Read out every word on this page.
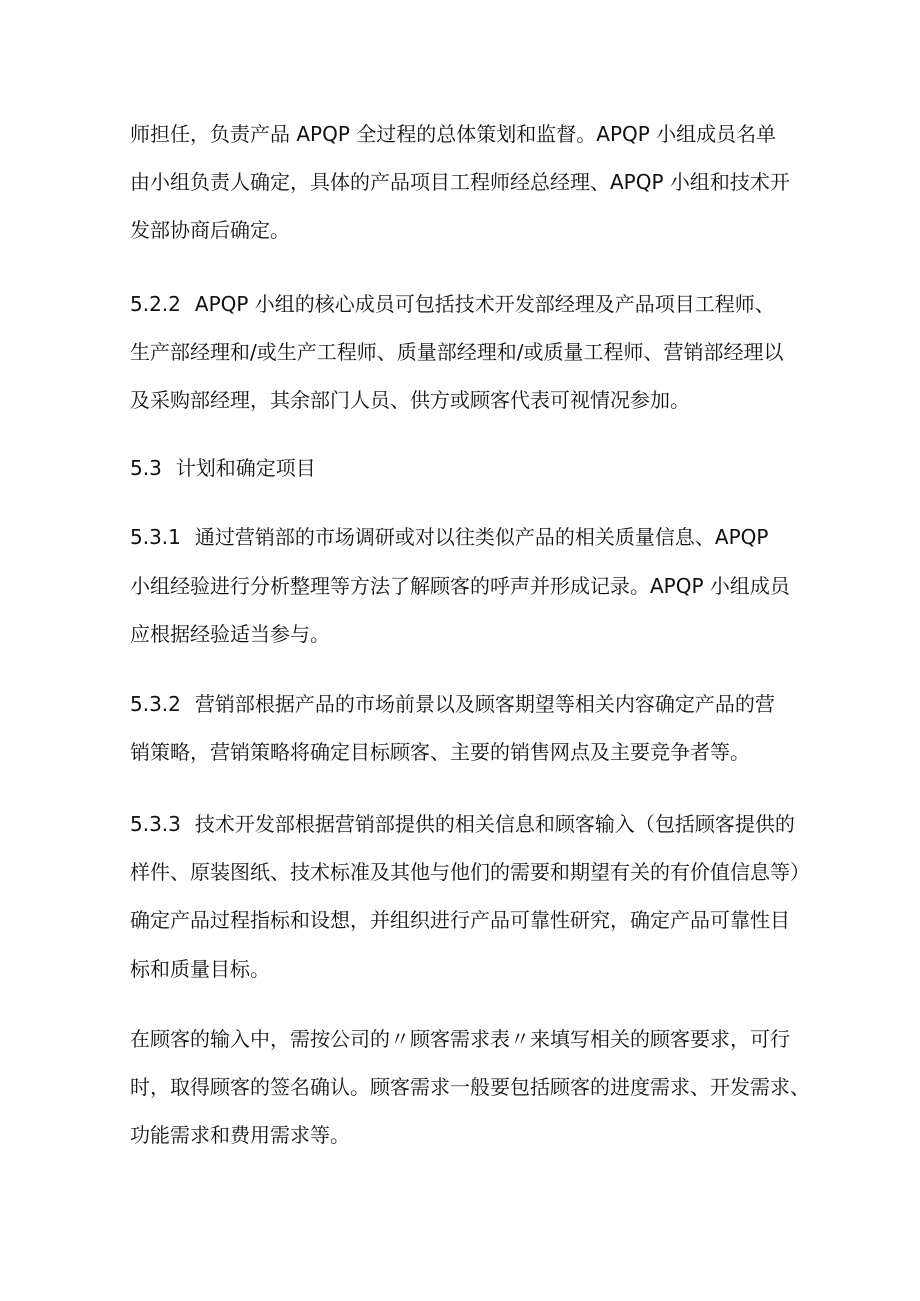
师担任，负责产品 APQP 全过程的总体策划和监督。APQP 小组成员名单
由小组负责人确定，具体的产品项目工程师经总经理、APQP 小组和技术开
发部协商后确定。
5.2.2 APQP 小组的核心成员可包括技术开发部经理及产品项目工程师、
生产部经理和/或生产工程师、质量部经理和/或质量工程师、营销部经理以
及采购部经理，其余部门人员、供方或顾客代表可视情况参加。
5.3 计划和确定项目
5.3.1 通过营销部的市场调研或对以往类似产品的相关质量信息、APQP
小组经验进行分析整理等方法了解顾客的呼声并形成记录。APQP 小组成员
应根据经验适当参与。
5.3.2 营销部根据产品的市场前景以及顾客期望等相关内容确定产品的营
销策略，营销策略将确定目标顾客、主要的销售网点及主要竞争者等。
5.3.3 技术开发部根据营销部提供的相关信息和顾客输入（包括顾客提供的
样件、原装图纸、技术标准及其他与他们的需要和期望有关的有价值信息等）
确定产品过程指标和设想，并组织进行产品可靠性研究，确定产品可靠性目
标和质量目标。
在顾客的输入中，需按公司的〃顾客需求表〃来填写相关的顾客要求，可行
时，取得顾客的签名确认。顾客需求一般要包括顾客的进度需求、开发需求、
功能需求和费用需求等。
